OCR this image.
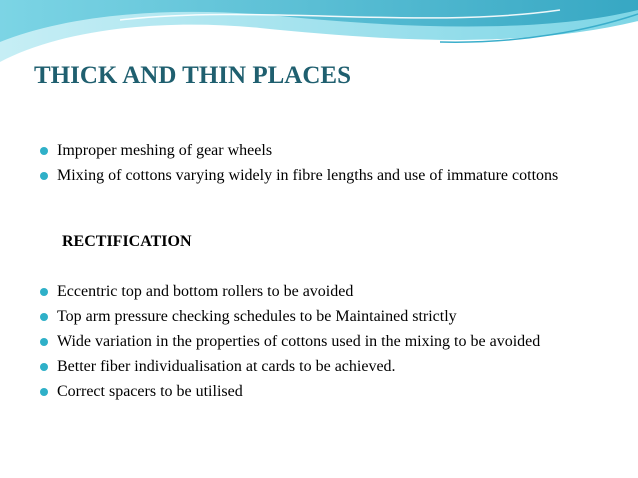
THICK AND THIN PLACES
Improper meshing of gear wheels
Mixing of cottons varying widely in fibre lengths and use of immature cottons

RECTIFICATION

Eccentric top and bottom rollers to be avoided
Top arm pressure checking schedules to be Maintained strictly
Wide variation in the properties of cottons used in the mixing to be avoided
Better fiber individualisation at cards to be achieved.
Correct spacers to be utilised
